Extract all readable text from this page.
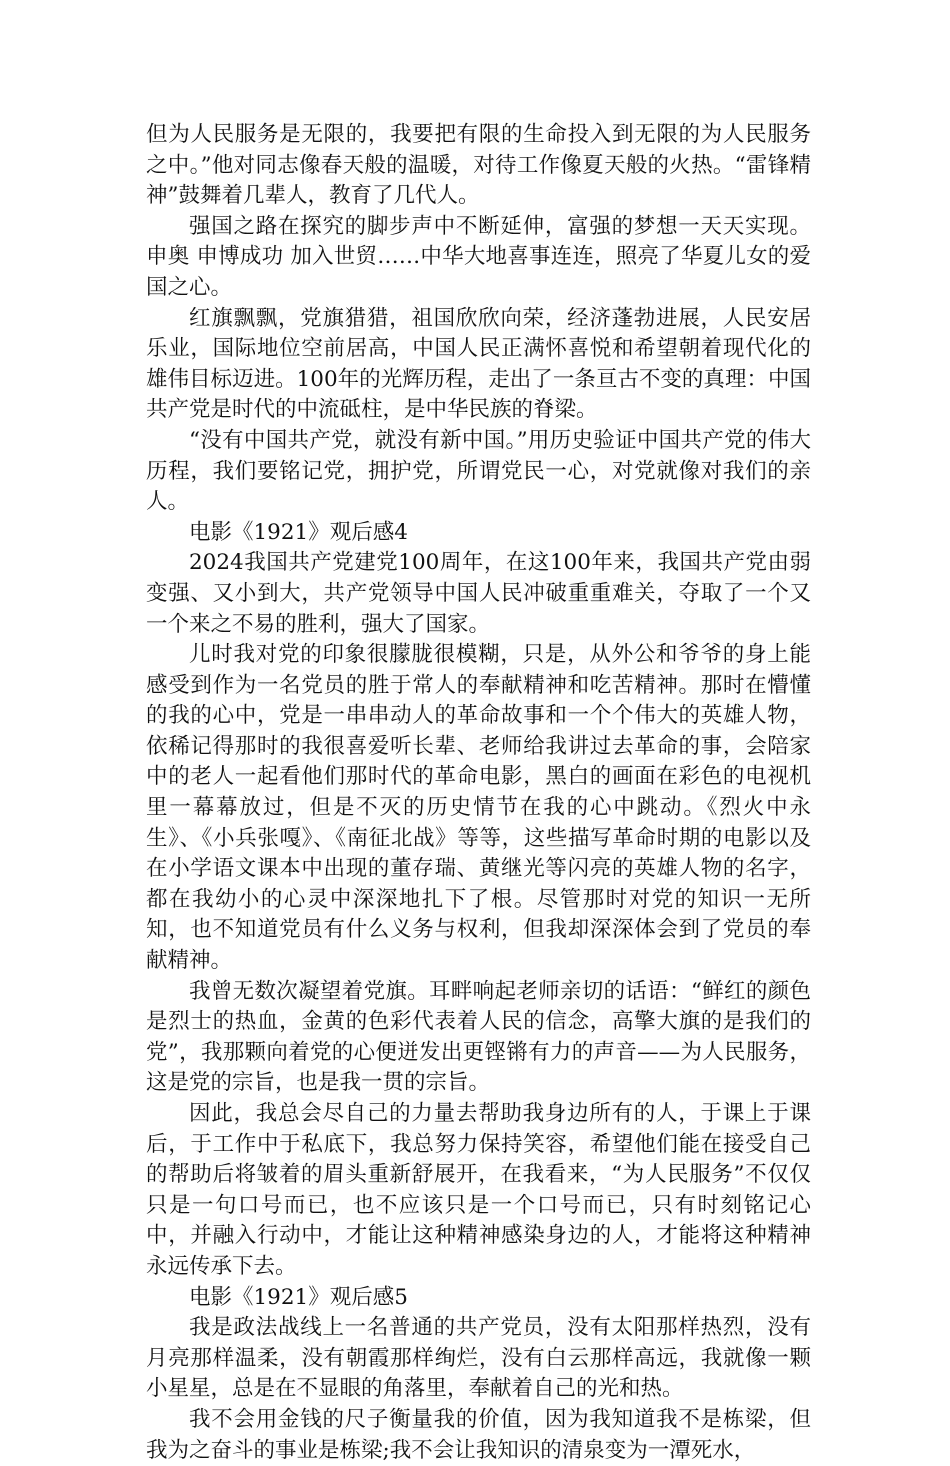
但为人民服务是无限的，我要把有限的生命投入到无限的为人民服务之中。”他对同志像春天般的温暖，对待工作像夏天般的火热。“雷锋精神”鼓舞着几辈人，教育了几代人。

强国之路在探究的脚步声中不断延伸，富强的梦想一天天实现。申奥 申博成功 加入世贸……中华大地喜事连连，照亮了华夏儿女的爱国之心。

红旗飘飘，党旗猎猎，祖国欣欣向荣，经济蓬勃进展，人民安居乐业，国际地位空前居高，中国人民正满怀喜悦和希望朝着现代化的雄伟目标迈进。100年的光辉历程，走出了一条亘古不变的真理：中国共产党是时代的中流砥柱，是中华民族的脊梁。

“没有中国共产党，就没有新中国。”用历史验证中国共产党的伟大历程，我们要铭记党，拥护党，所谓党民一心，对党就像对我们的亲人。

电影《1921》观后感4

2024我国共产党建党100周年，在这100年来，我国共产党由弱变强、又小到大，共产党领导中国人民冲破重重难关，夺取了一个又一个来之不易的胜利，强大了国家。

儿时我对党的印象很朦胧很模糊，只是，从外公和爷爷的身上能感受到作为一名党员的胜于常人的奉献精神和吃苦精神。那时在懵懂的我的心中，党是一串串动人的革命故事和一个个伟大的英雄人物，依稀记得那时的我很喜爱听长辈、老师给我讲过去革命的事，会陪家中的老人一起看他们那时代的革命电影，黑白的画面在彩色的电视机里一幕幕放过，但是不灭的历史情节在我的心中跳动。《烈火中永生》、《小兵张嘎》、《南征北战》等等，这些描写革命时期的电影以及在小学语文课本中出现的董存瑞、黄继光等闪亮的英雄人物的名字，都在我幼小的心灵中深深地扎下了根。尽管那时对党的知识一无所知，也不知道党员有什么义务与权利，但我却深深体会到了党员的奉献精神。

我曾无数次凝望着党旗。耳畔响起老师亲切的话语：“鲜红的颜色是烈士的热血，金黄的色彩代表着人民的信念，高擎大旗的是我们的党”，我那颗向着党的心便迸发出更铿锵有力的声音——为人民服务，这是党的宗旨，也是我一贯的宗旨。

因此，我总会尽自己的力量去帮助我身边所有的人，于课上于课后，于工作中于私底下，我总努力保持笑容，希望他们能在接受自己的帮助后将皱着的眉头重新舒展开，在我看来，“为人民服务”不仅仅只是一句口号而已，也不应该只是一个口号而已，只有时刻铭记心中，并融入行动中，才能让这种精神感染身边的人，才能将这种精神永远传承下去。

电影《1921》观后感5

我是政法战线上一名普通的共产党员，没有太阳那样热烈，没有月亮那样温柔，没有朝霞那样绚烂，没有白云那样高远，我就像一颗小星星，总是在不显眼的角落里，奉献着自己的光和热。

我不会用金钱的尺子衡量我的价值，因为我知道我不是栋梁，但我为之奋斗的事业是栋梁;我不会让我知识的清泉变为一潭死水，
